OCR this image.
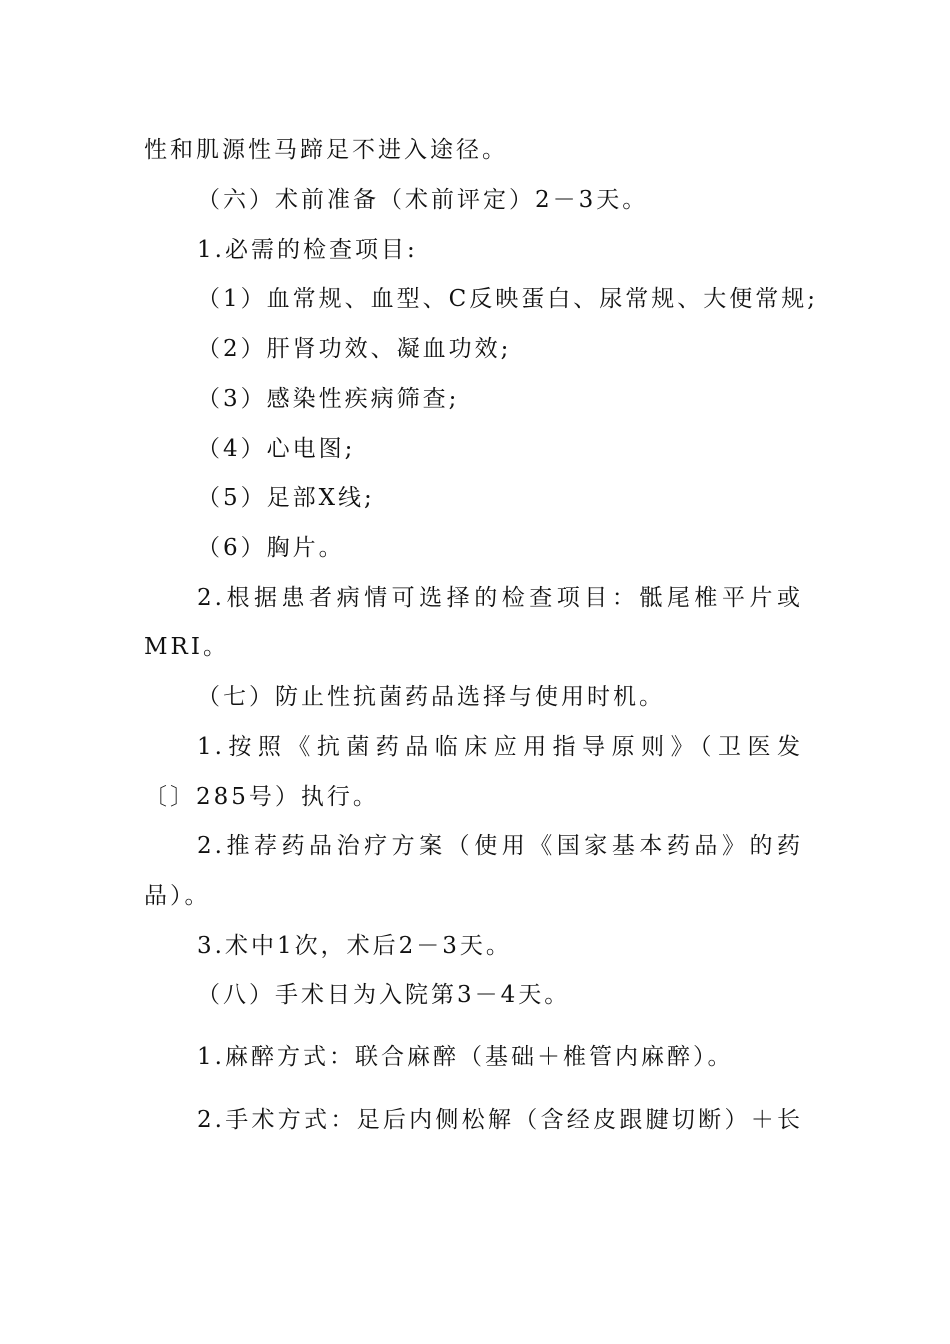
性和肌源性马蹄足不进入途径。
（六）术前准备（术前评定）2－3天。
1.必需的检查项目:
（1）血常规、血型、C反映蛋白、尿常规、大便常规;
（2）肝肾功效、凝血功效;
（3）感染性疾病筛查;
（4）心电图;
（5）足部X线;
（6）胸片。
2.根据患者病情可选择的检查项目：骶尾椎平片或
MRI。
（七）防止性抗菌药品选择与使用时机。
1.按照《抗菌药品临床应用指导原则》（卫医发
〔〕285号）执行。
2.推荐药品治疗方案（使用《国家基本药品》的药
品）。
3.术中1次，术后2－3天。
（八）手术日为入院第3－4天。
1.麻醉方式：联合麻醉（基础＋椎管内麻醉）。
2.手术方式：足后内侧松解（含经皮跟腱切断）＋长
